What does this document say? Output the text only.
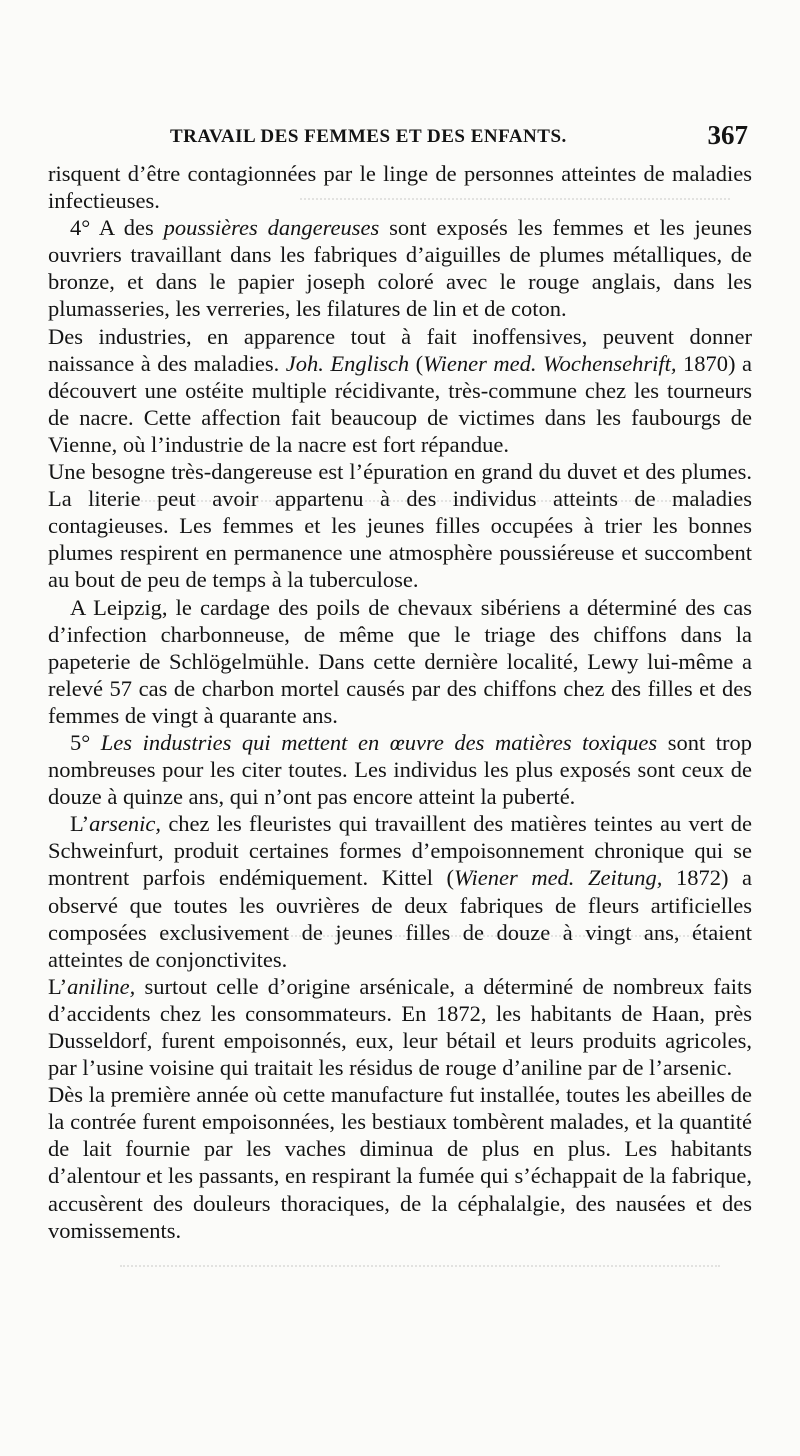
TRAVAIL DES FEMMES ET DES ENFANTS.	367

risquent d’être contagionnées par le linge de personnes atteintes de maladies infectieuses.

4° A des poussières dangereuses sont exposés les femmes et les jeunes ouvriers travaillant dans les fabriques d’aiguilles de plumes métalliques, de bronze, et dans le papier joseph coloré avec le rouge anglais, dans les plumasseries, les verreries, les filatures de lin et de coton.

Des industries, en apparence tout à fait inoffensives, peuvent donner naissance à des maladies. Joh. Englisch (Wiener med. Wochensehrift, 1870) a découvert une ostéite multiple récidivante, très-commune chez les tourneurs de nacre. Cette affection fait beaucoup de victimes dans les faubourgs de Vienne, où l’industrie de la nacre est fort répandue.

Une besogne très-dangereuse est l’épuration en grand du duvet et des plumes. La literie peut avoir appartenu à des individus atteints de maladies contagieuses. Les femmes et les jeunes filles occupées à trier les bonnes plumes respirent en permanence une atmosphère poussiéreuse et succombent au bout de peu de temps à la tuberculose.

A Leipzig, le cardage des poils de chevaux sibériens a déterminé des cas d’infection charbonneuse, de même que le triage des chiffons dans la papeterie de Schlögelmühle. Dans cette dernière localité, Lewy lui-même a relevé 57 cas de charbon mortel causés par des chiffons chez des filles et des femmes de vingt à quarante ans.

5° Les industries qui mettent en œuvre des matières toxiques sont trop nombreuses pour les citer toutes. Les individus les plus exposés sont ceux de douze à quinze ans, qui n’ont pas encore atteint la puberté.

L’arsenic, chez les fleuristes qui travaillent des matières teintes au vert de Schweinfurt, produit certaines formes d’empoisonnement chronique qui se montrent parfois endémiquement. Kittel (Wiener med. Zeitung, 1872) a observé que toutes les ouvrières de deux fabriques de fleurs artificielles composées exclusivement de jeunes filles de douze à vingt ans, étaient atteintes de conjonctivites.

L’aniline, surtout celle d’origine arsénicale, a déterminé de nombreux faits d’accidents chez les consommateurs. En 1872, les habitants de Haan, près Dusseldorf, furent empoisonnés, eux, leur bétail et leurs produits agricoles, par l’usine voisine qui traitait les résidus de rouge d’aniline par de l’arsenic.

Dès la première année où cette manufacture fut installée, toutes les abeilles de la contrée furent empoisonnées, les bestiaux tombèrent malades, et la quantité de lait fournie par les vaches diminua de plus en plus. Les habitants d’alentour et les passants, en respirant la fumée qui s’échappait de la fabrique, accusèrent des douleurs thoraciques, de la céphalalgie, des nausées et des vomissements.
